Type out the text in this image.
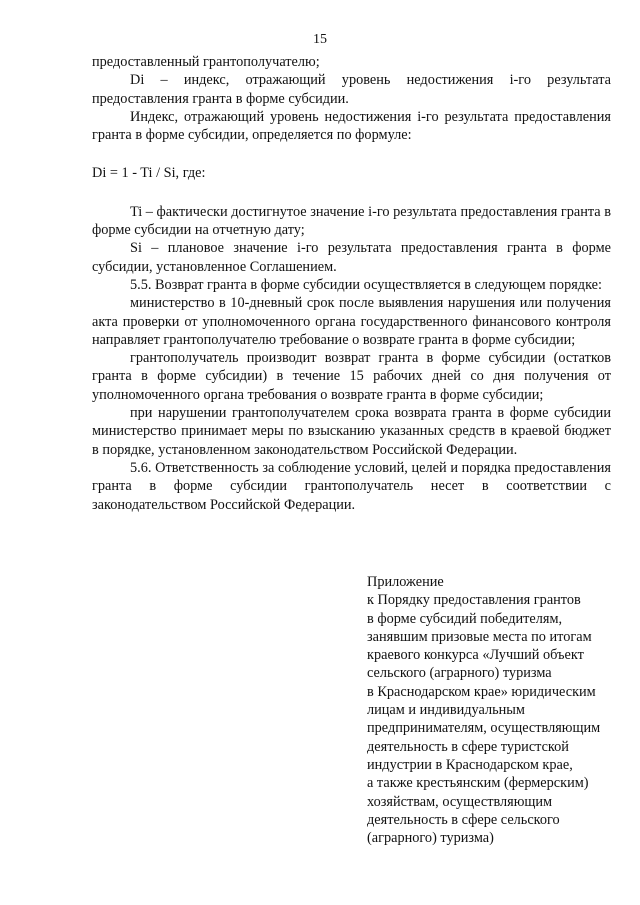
15

предоставленный грантополучателю;

Di – индекс, отражающий уровень недостижения i-го результата предоставления гранта в форме субсидии.

Индекс, отражающий уровень недостижения i-го результата предоставления гранта в форме субсидии, определяется по формуле:

Di = 1 - Ti / Si, где:

Ti – фактически достигнутое значение i-го результата предоставления гранта в форме субсидии на отчетную дату;

Si – плановое значение i-го результата предоставления гранта в форме субсидии, установленное Соглашением.

5.5. Возврат гранта в форме субсидии осуществляется в следующем порядке:

министерство в 10-дневный срок после выявления нарушения или получения акта проверки от уполномоченного органа государственного финансового контроля направляет грантополучателю требование о возврате гранта в форме субсидии;

грантополучатель производит возврат гранта в форме субсидии (остатков гранта в форме субсидии) в течение 15 рабочих дней со дня получения от уполномоченного органа требования о возврате гранта в форме субсидии;

при нарушении грантополучателем срока возврата гранта в форме субсидии министерство принимает меры по взысканию указанных средств в краевой бюджет в порядке, установленном законодательством Российской Федерации.

5.6. Ответственность за соблюдение условий, целей и порядка предоставления гранта в форме субсидии грантополучатель несет в соответствии с законодательством Российской Федерации.

Приложение
к Порядку предоставления грантов
в форме субсидий победителям,
занявшим призовые места по итогам
краевого конкурса «Лучший объект
сельского (аграрного) туризма
в Краснодарском крае» юридическим
лицам и индивидуальным
предпринимателям, осуществляющим
деятельность в сфере туристской
индустрии в Краснодарском крае,
а также крестьянским (фермерским)
хозяйствам, осуществляющим
деятельность в сфере сельского
(аграрного) туризма)
